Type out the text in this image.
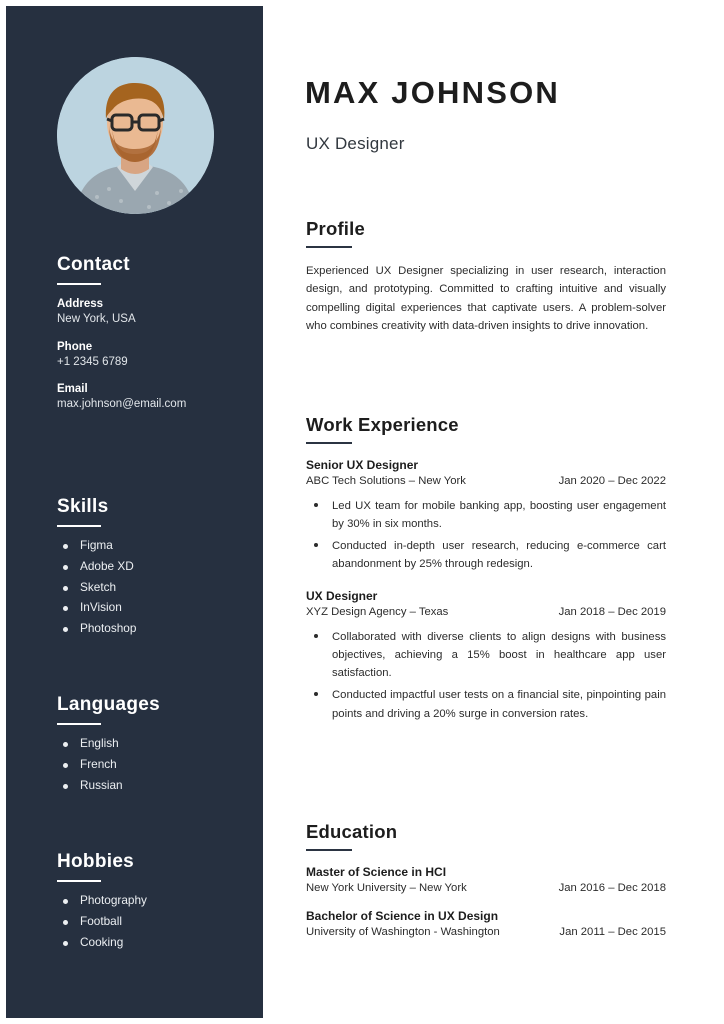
Contact
Address
New York, USA
Phone
+1 2345 6789
Email
max.johnson@email.com
Skills
Figma
Adobe XD
Sketch
InVision
Photoshop
Languages
English
French
Russian
Hobbies
Photography
Football
Cooking
MAX JOHNSON
UX Designer
Profile

Experienced UX Designer specializing in user research, interaction design, and prototyping. Committed to crafting intuitive and visually compelling digital experiences that captivate users. A problem-solver who combines creativity with data-driven insights to drive innovation.

Work Experience
Senior UX Designer
ABC Tech Solutions – New York	Jan 2020 – Dec 2022
Led UX team for mobile banking app, boosting user engagement by 30% in six months.
Conducted in-depth user research, reducing e-commerce cart abandonment by 25% through redesign.
UX Designer
XYZ Design Agency – Texas	Jan 2018 – Dec 2019
Collaborated with diverse clients to align designs with business objectives, achieving a 15% boost in healthcare app user satisfaction.
Conducted impactful user tests on a financial site, pinpointing pain points and driving a 20% surge in conversion rates.
Education
Master of Science in HCI
New York University – New York	Jan 2016 – Dec 2018
Bachelor of Science in UX Design
University of Washington - Washington	Jan 2011 – Dec 2015
